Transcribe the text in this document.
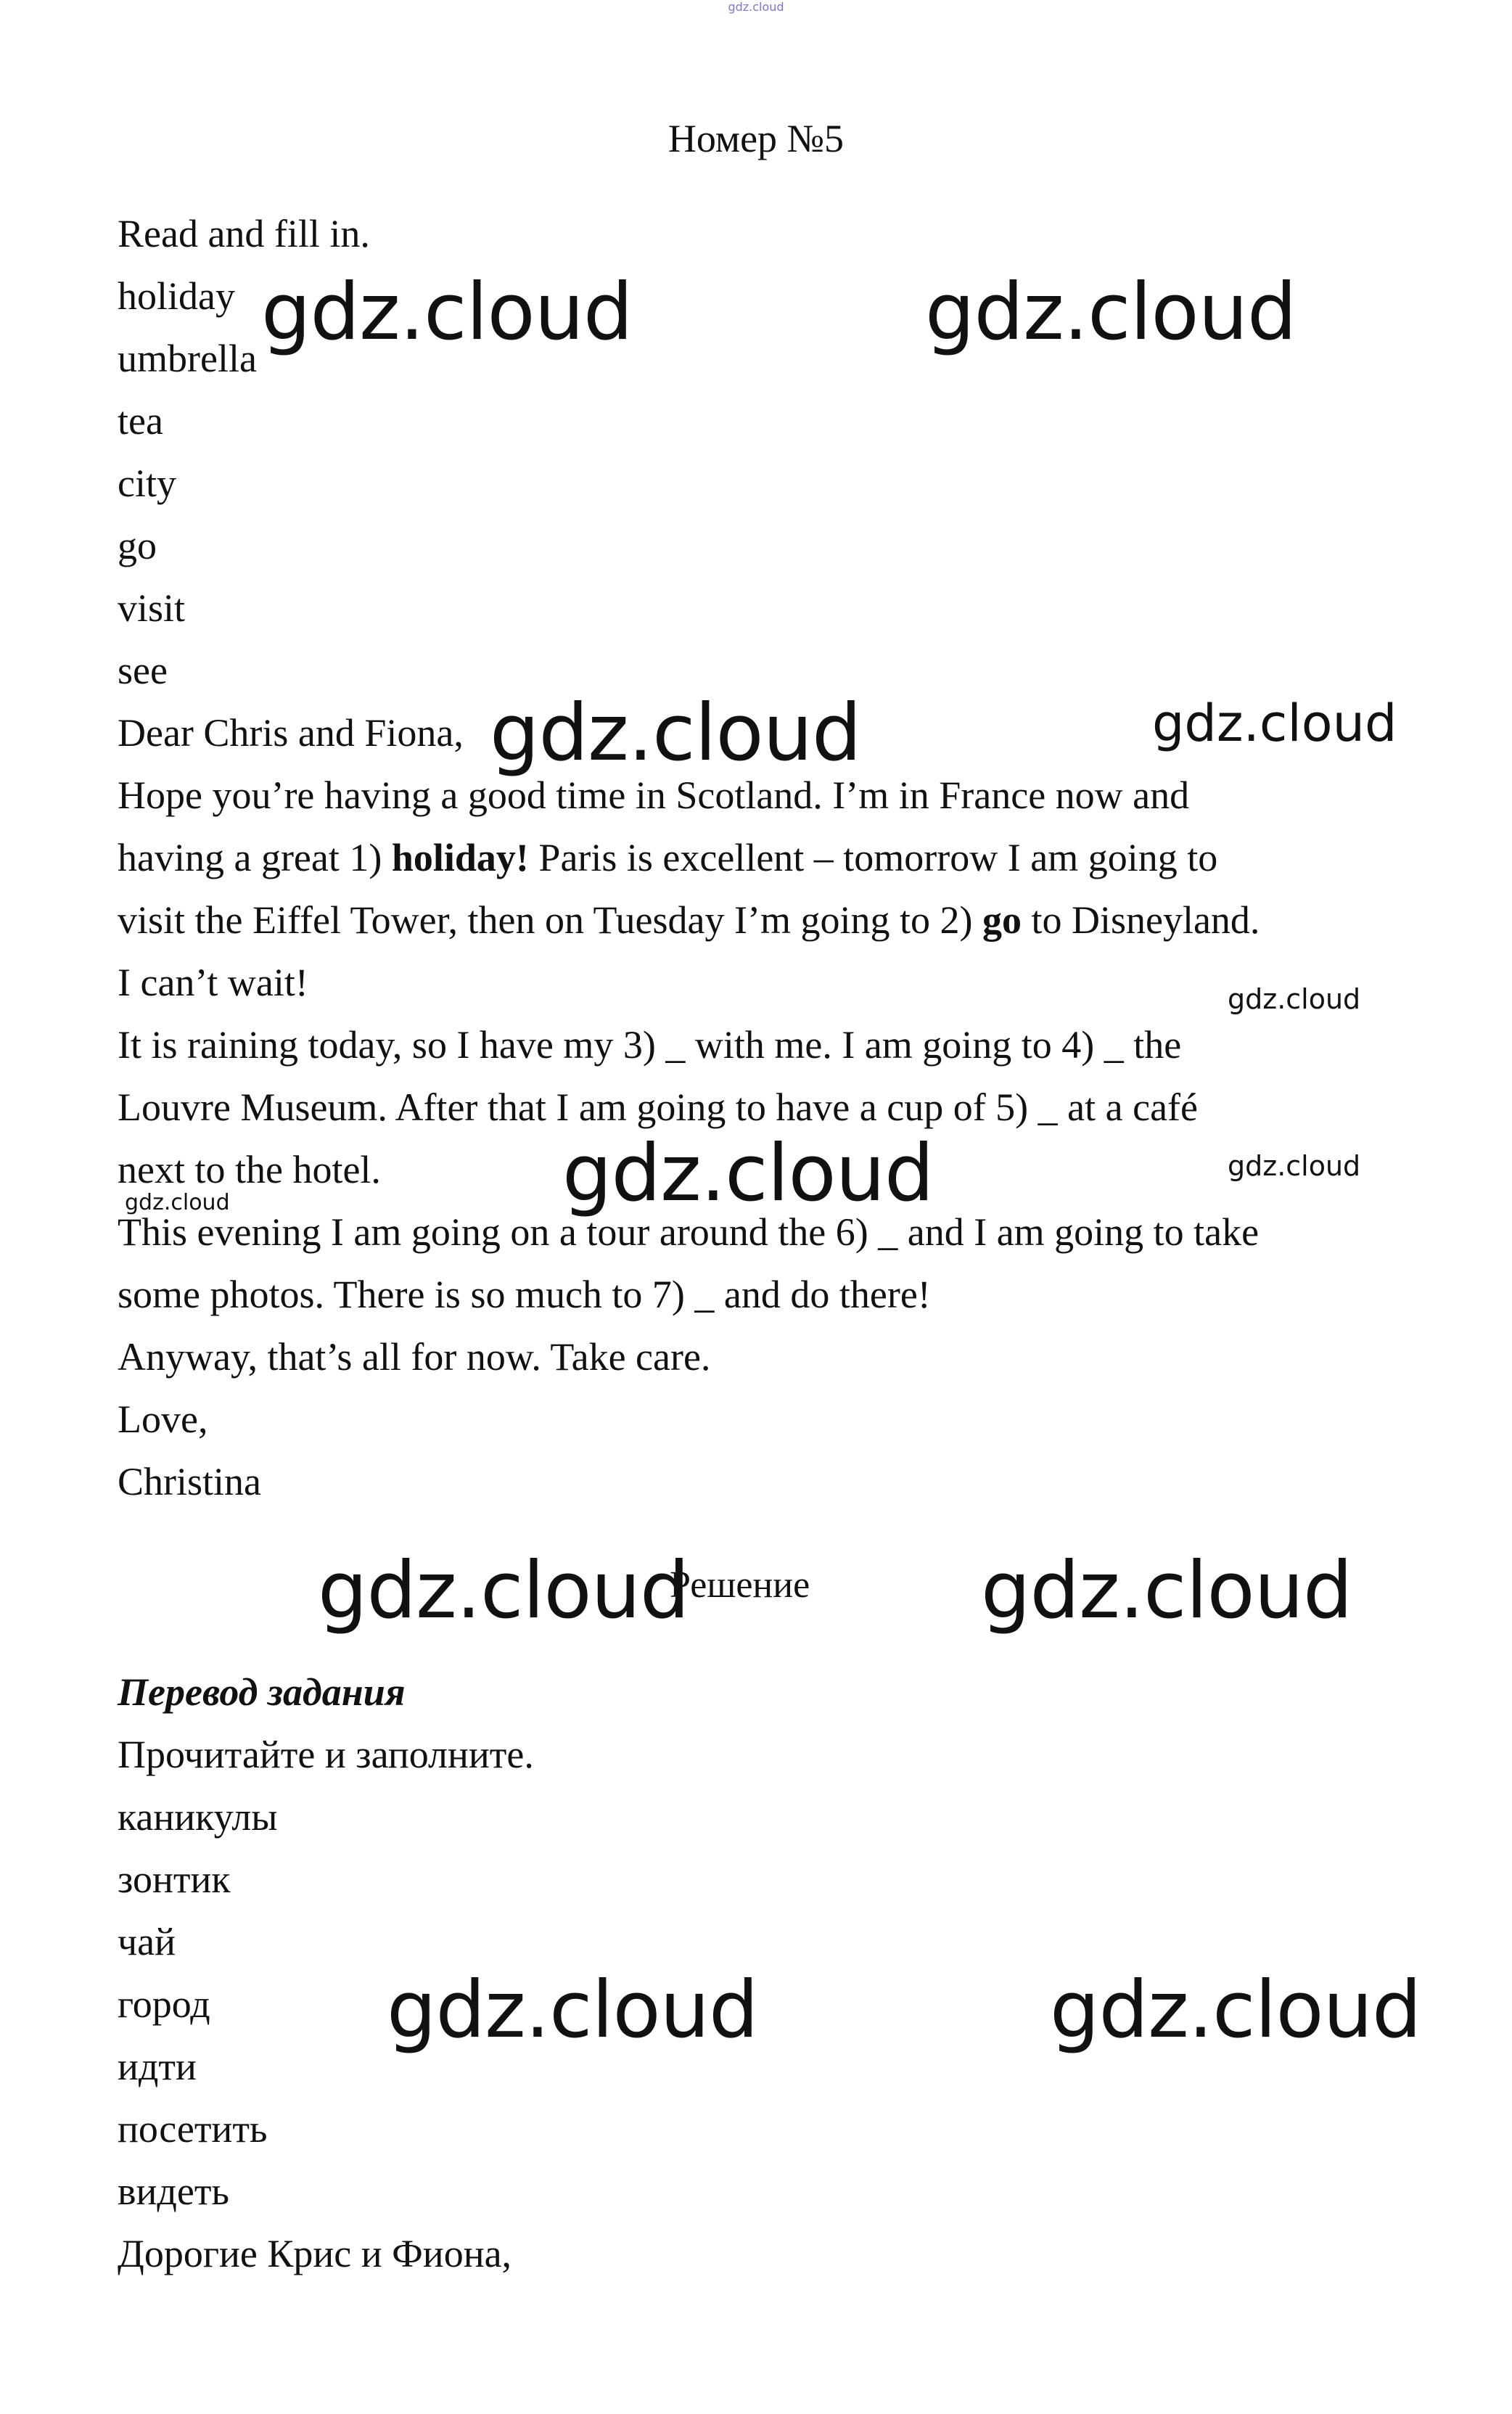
gdz.cloud
Номер №5
Read and fill in.
holiday
umbrella
tea
city
go
visit
see
Dear Chris and Fiona,
Hope you’re having a good time in Scotland. I’m in France now and
having a great 1) holiday! Paris is excellent – tomorrow I am going to
visit the Eiffel Tower, then on Tuesday I’m going to 2) go to Disneyland.
I can’t wait!
It is raining today, so I have my 3) _ with me. I am going to 4) _ the
Louvre Museum. After that I am going to have a cup of 5) _ at a café
next to the hotel.
This evening I am going on a tour around the 6) _ and I am going to take
some photos. There is so much to 7) _ and do there!
Anyway, that’s all for now. Take care.
Love,
Christina
Решение
Перевод задания
Прочитайте и заполните.
каникулы
зонтик
чай
город
идти
посетить
видеть
Дорогие Крис и Фиона,
gdz.cloud	gdz.cloud
gdz.cloud	gdz.cloud
gdz.cloud
gdz.cloud	gdz.cloud
gdz.cloud
gdz.cloud	gdz.cloud
gdz.cloud	gdz.cloud
